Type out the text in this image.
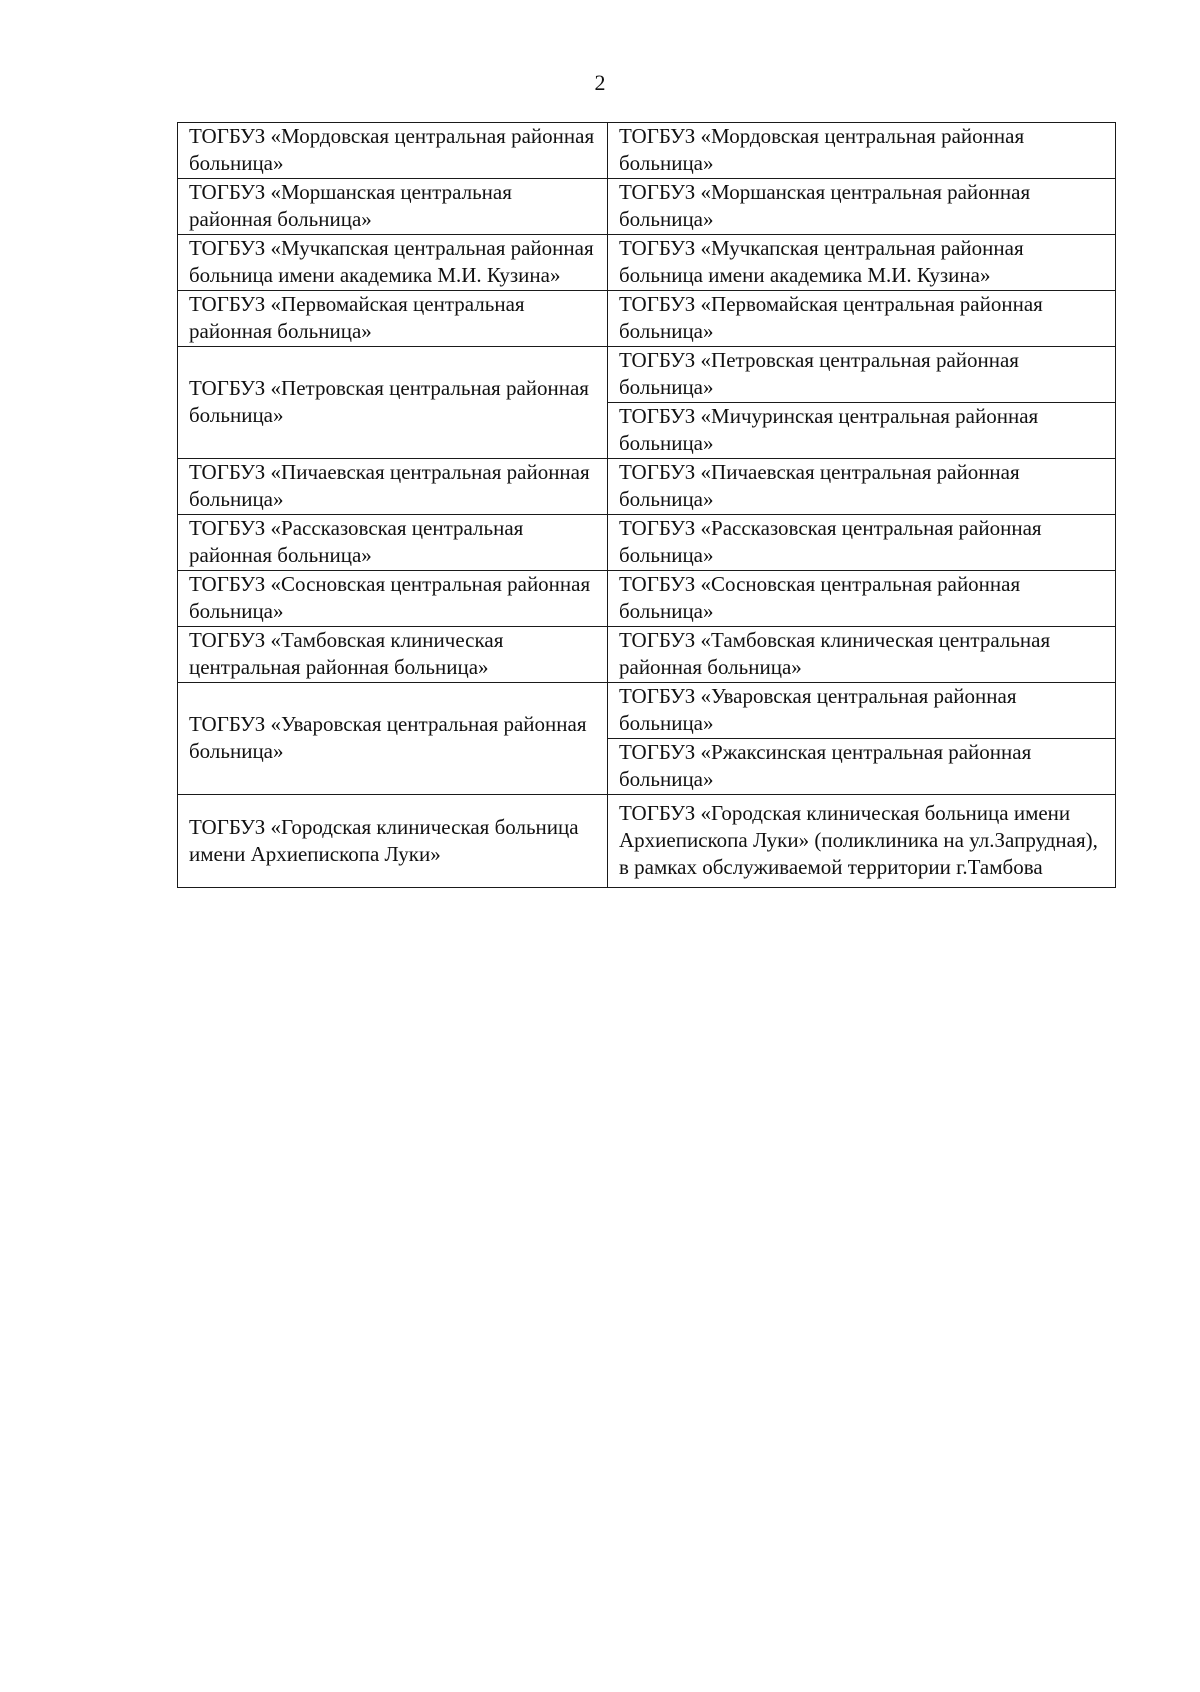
2
ТОГБУЗ «Мордовская центральная районная больница»	ТОГБУЗ «Мордовская центральная районная больница»
ТОГБУЗ «Моршанская центральная районная больница»	ТОГБУЗ «Моршанская центральная районная больница»
ТОГБУЗ «Мучкапская центральная районная больница имени академика М.И. Кузина»	ТОГБУЗ «Мучкапская центральная районная больница имени академика М.И. Кузина»
ТОГБУЗ «Первомайская центральная районная больница»	ТОГБУЗ «Первомайская центральная районная больница»
ТОГБУЗ «Петровская центральная районная больница»	ТОГБУЗ «Петровская центральная районная больница»
	ТОГБУЗ «Мичуринская центральная районная больница»
ТОГБУЗ «Пичаевская центральная районная больница»	ТОГБУЗ «Пичаевская центральная районная больница»
ТОГБУЗ «Рассказовская центральная районная больница»	ТОГБУЗ «Рассказовская центральная районная больница»
ТОГБУЗ «Сосновская центральная районная больница»	ТОГБУЗ «Сосновская центральная районная больница»
ТОГБУЗ «Тамбовская клиническая центральная районная больница»	ТОГБУЗ «Тамбовская клиническая центральная районная больница»
ТОГБУЗ «Уваровская центральная районная больница»	ТОГБУЗ «Уваровская центральная районная больница»
	ТОГБУЗ «Ржаксинская центральная районная больница»
ТОГБУЗ «Городская клиническая больница имени Архиепископа Луки»	ТОГБУЗ «Городская клиническая больница имени Архиепископа Луки» (поликлиника на ул.Запрудная), в рамках обслуживаемой территории г.Тамбова
